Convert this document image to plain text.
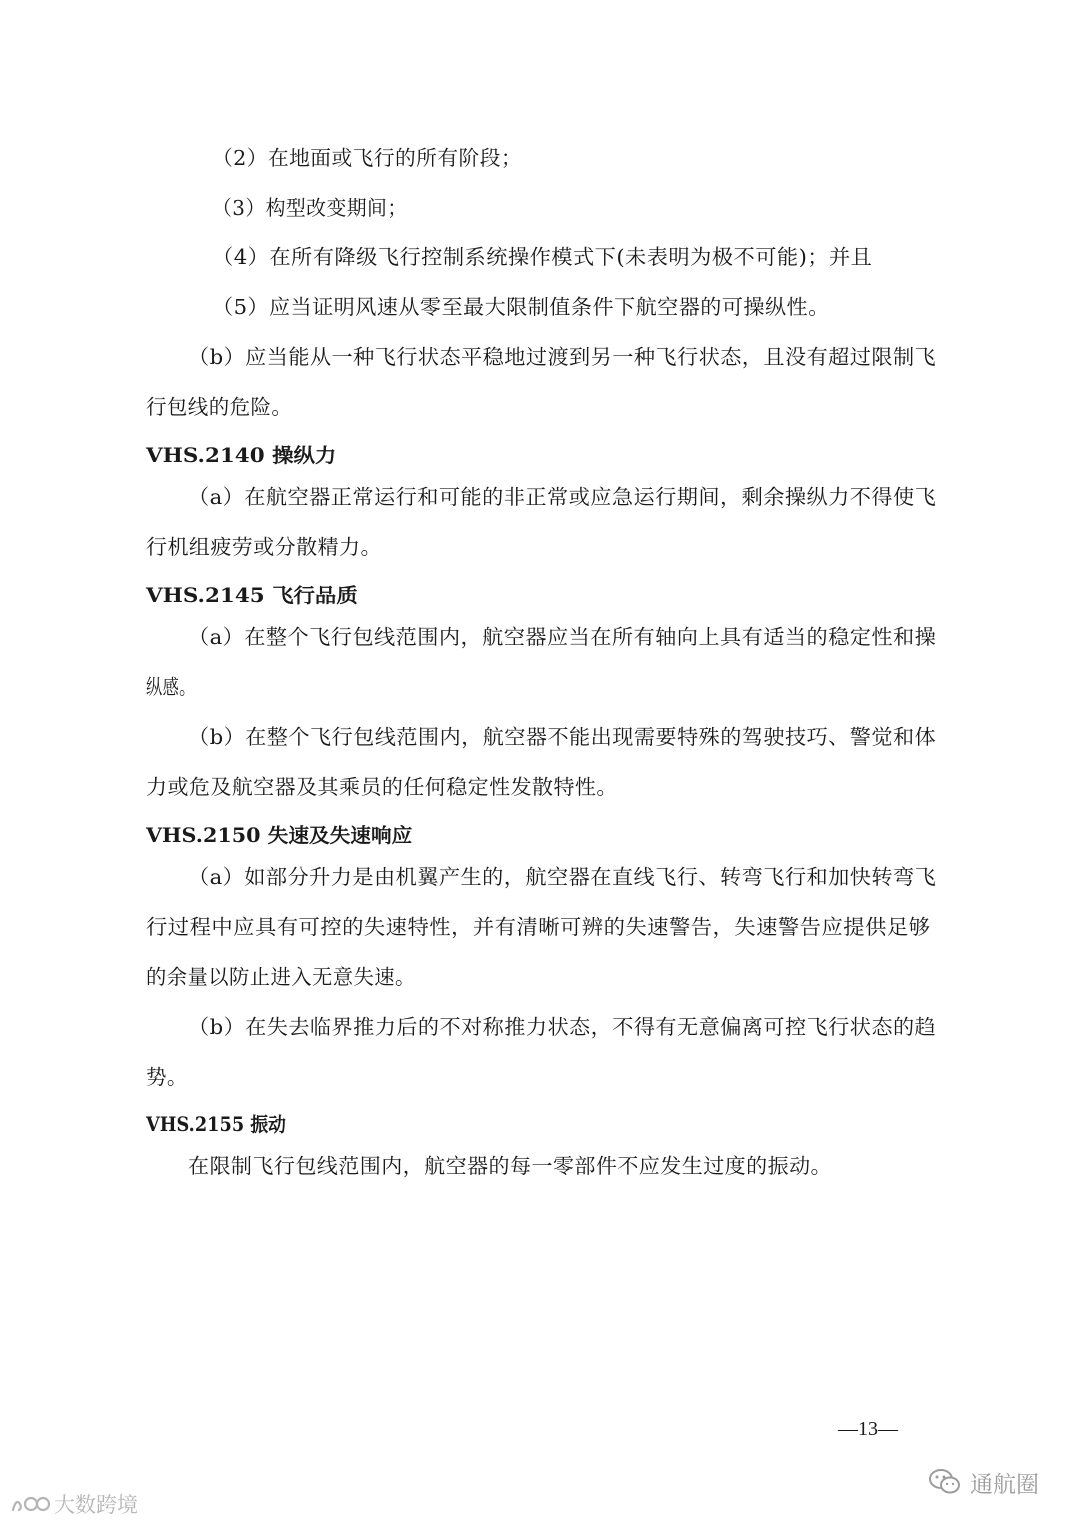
（2）在地面或飞行的所有阶段；
（3）构型改变期间；
（4）在所有降级飞行控制系统操作模式下(未表明为极不可能)；并且
（5）应当证明风速从零至最大限制值条件下航空器的可操纵性。
（b）应当能从一种飞行状态平稳地过渡到另一种飞行状态，且没有超过限制飞
行包线的危险。
VHS.2140 操纵力
（a）在航空器正常运行和可能的非正常或应急运行期间，剩余操纵力不得使飞
行机组疲劳或分散精力。
VHS.2145 飞行品质
（a）在整个飞行包线范围内，航空器应当在所有轴向上具有适当的稳定性和操
纵感。
（b）在整个飞行包线范围内，航空器不能出现需要特殊的驾驶技巧、警觉和体
力或危及航空器及其乘员的任何稳定性发散特性。
VHS.2150 失速及失速响应
（a）如部分升力是由机翼产生的，航空器在直线飞行、转弯飞行和加快转弯飞
行过程中应具有可控的失速特性，并有清晰可辨的失速警告，失速警告应提供足够
的余量以防止进入无意失速。
（b）在失去临界推力后的不对称推力状态，不得有无意偏离可控飞行状态的趋
势。
VHS.2155 振动
在限制飞行包线范围内，航空器的每一零部件不应发生过度的振动。
—13—
大数跨境
通航圈
